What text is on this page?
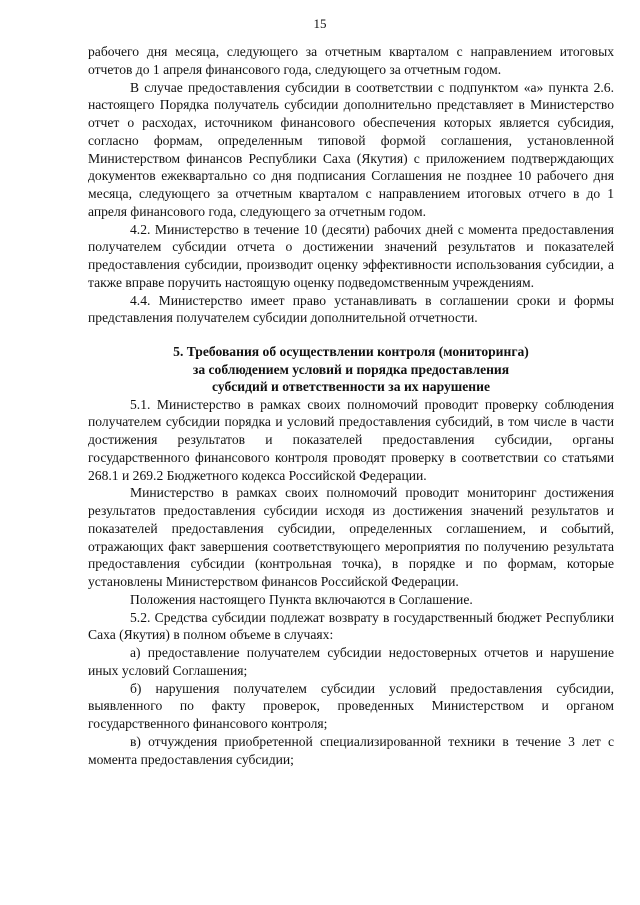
15

рабочего дня месяца, следующего за отчетным кварталом с направлением итоговых отчетов до 1 апреля финансового года, следующего за отчетным годом.

В случае предоставления субсидии в соответствии с подпунктом «а» пункта 2.6. настоящего Порядка получатель субсидии дополнительно представляет в Министерство отчет о расходах, источником финансового обеспечения которых является субсидия, согласно формам, определенным типовой формой соглашения, установленной Министерством финансов Республики Саха (Якутия) с приложением подтверждающих документов ежеквартально со дня подписания Соглашения не позднее 10 рабочего дня месяца, следующего за отчетным кварталом с направлением итоговых отчего в до 1 апреля финансового года, следующего за отчетным годом.

4.2. Министерство в течение 10 (десяти) рабочих дней с момента предоставления получателем субсидии отчета о достижении значений результатов и показателей предоставления субсидии, производит оценку эффективности использования субсидии, а также вправе поручить настоящую оценку подведомственным учреждениям.

4.4. Министерство имеет право устанавливать в соглашении сроки и формы представления получателем субсидии дополнительной отчетности.

5. Требования об осуществлении контроля (мониторинга)
за соблюдением условий и порядка предоставления
субсидий и ответственности за их нарушение

5.1. Министерство в рамках своих полномочий проводит проверку соблюдения получателем субсидии порядка и условий предоставления субсидий, в том числе в части достижения результатов и показателей предоставления субсидии, органы государственного финансового контроля проводят проверку в соответствии со статьями 268.1 и 269.2 Бюджетного кодекса Российской Федерации.

Министерство в рамках своих полномочий проводит мониторинг достижения результатов предоставления субсидии исходя из достижения значений результатов и показателей предоставления субсидии, определенных соглашением, и событий, отражающих факт завершения соответствующего мероприятия по получению результата предоставления субсидии (контрольная точка), в порядке и по формам, которые установлены Министерством финансов Российской Федерации.

Положения настоящего Пункта включаются в Соглашение.

5.2. Средства субсидии подлежат возврату в государственный бюджет Республики Саха (Якутия) в полном объеме в случаях:

а) предоставление получателем субсидии недостоверных отчетов и нарушение иных условий Соглашения;

б) нарушения получателем субсидии условий предоставления субсидии, выявленного по факту проверок, проведенных Министерством и органом государственного финансового контроля;

в) отчуждения приобретенной специализированной техники в течение 3 лет с момента предоставления субсидии;
